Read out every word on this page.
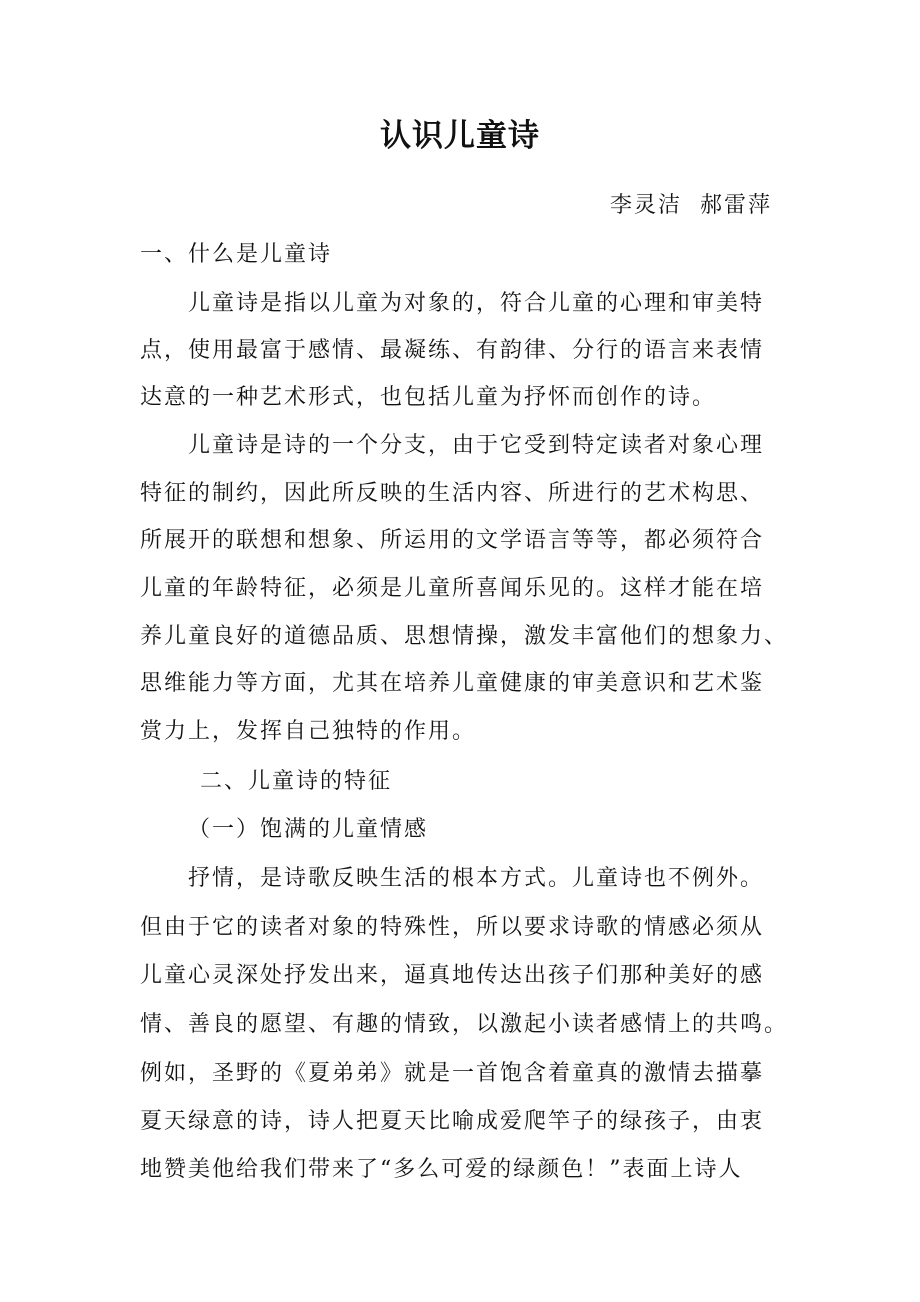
认识儿童诗
李灵洁  郝雷萍
一、什么是儿童诗
儿童诗是指以儿童为对象的，符合儿童的心理和审美特
点，使用最富于感情、最凝练、有韵律、分行的语言来表情
达意的一种艺术形式，也包括儿童为抒怀而创作的诗。
儿童诗是诗的一个分支，由于它受到特定读者对象心理
特征的制约，因此所反映的生活内容、所进行的艺术构思、
所展开的联想和想象、所运用的文学语言等等，都必须符合
儿童的年龄特征，必须是儿童所喜闻乐见的。这样才能在培
养儿童良好的道德品质、思想情操，激发丰富他们的想象力、
思维能力等方面，尤其在培养儿童健康的审美意识和艺术鉴
赏力上，发挥自己独特的作用。
二、儿童诗的特征
（一）饱满的儿童情感
抒情，是诗歌反映生活的根本方式。儿童诗也不例外。
但由于它的读者对象的特殊性，所以要求诗歌的情感必须从
儿童心灵深处抒发出来，逼真地传达出孩子们那种美好的感
情、善良的愿望、有趣的情致，以激起小读者感情上的共鸣。
例如，圣野的《夏弟弟》就是一首饱含着童真的激情去描摹
夏天绿意的诗，诗人把夏天比喻成爱爬竿子的绿孩子，由衷
地赞美他给我们带来了“多么可爱的绿颜色！”表面上诗人
